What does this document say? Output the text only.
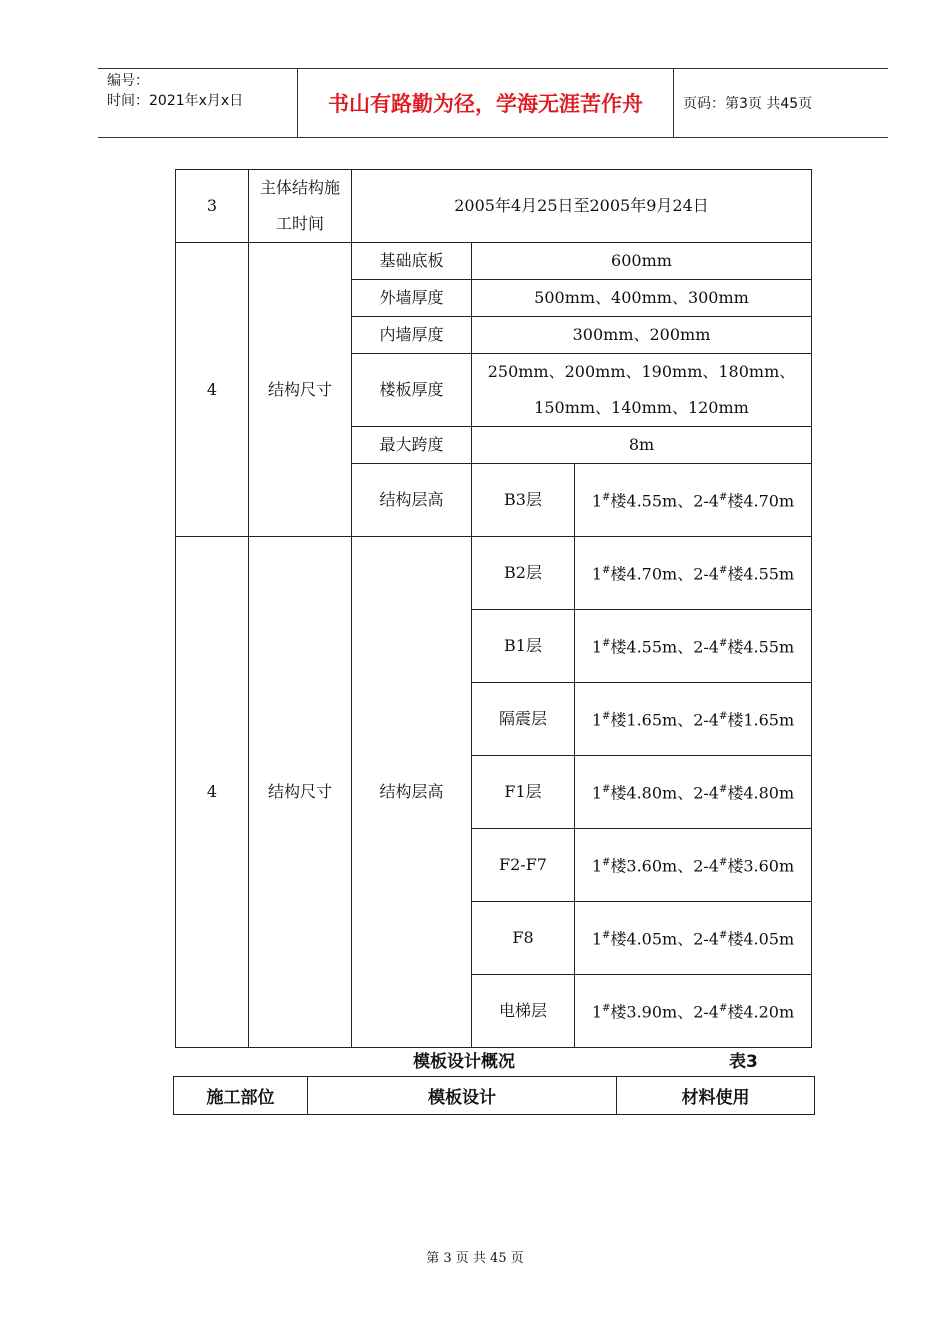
编号：
时间：2021年x月x日	书山有路勤为径，学海无涯苦作舟	页码：第3页 共45页
3	主体结构施工时间	2005年4月25日至2005年9月24日		
4	结构尺寸	基础底板	600mm	
		外墙厚度	500mm、400mm、300mm	
		内墙厚度	300mm、200mm	
		楼板厚度	250mm、200mm、190mm、180mm、150mm、140mm、120mm	
		最大跨度	8m	
		结构层高	B3层	1#楼4.55m、2-4#楼4.70m

4	结构尺寸	结构层高	B2层	1#楼4.70m、2-4#楼4.55m

			B1层	1#楼4.55m、2-4#楼4.55m

			隔震层	1#楼1.65m、2-4#楼1.65m

			F1层	1#楼4.80m、2-4#楼4.80m

			F2-F7	1#楼3.60m、2-4#楼3.60m

			F8	1#楼4.05m、2-4#楼4.05m

			电梯层	1#楼3.90m、2-4#楼4.20m
模板设计概况	表3
施工部位	模板设计	材料使用
第 3 页 共 45 页
